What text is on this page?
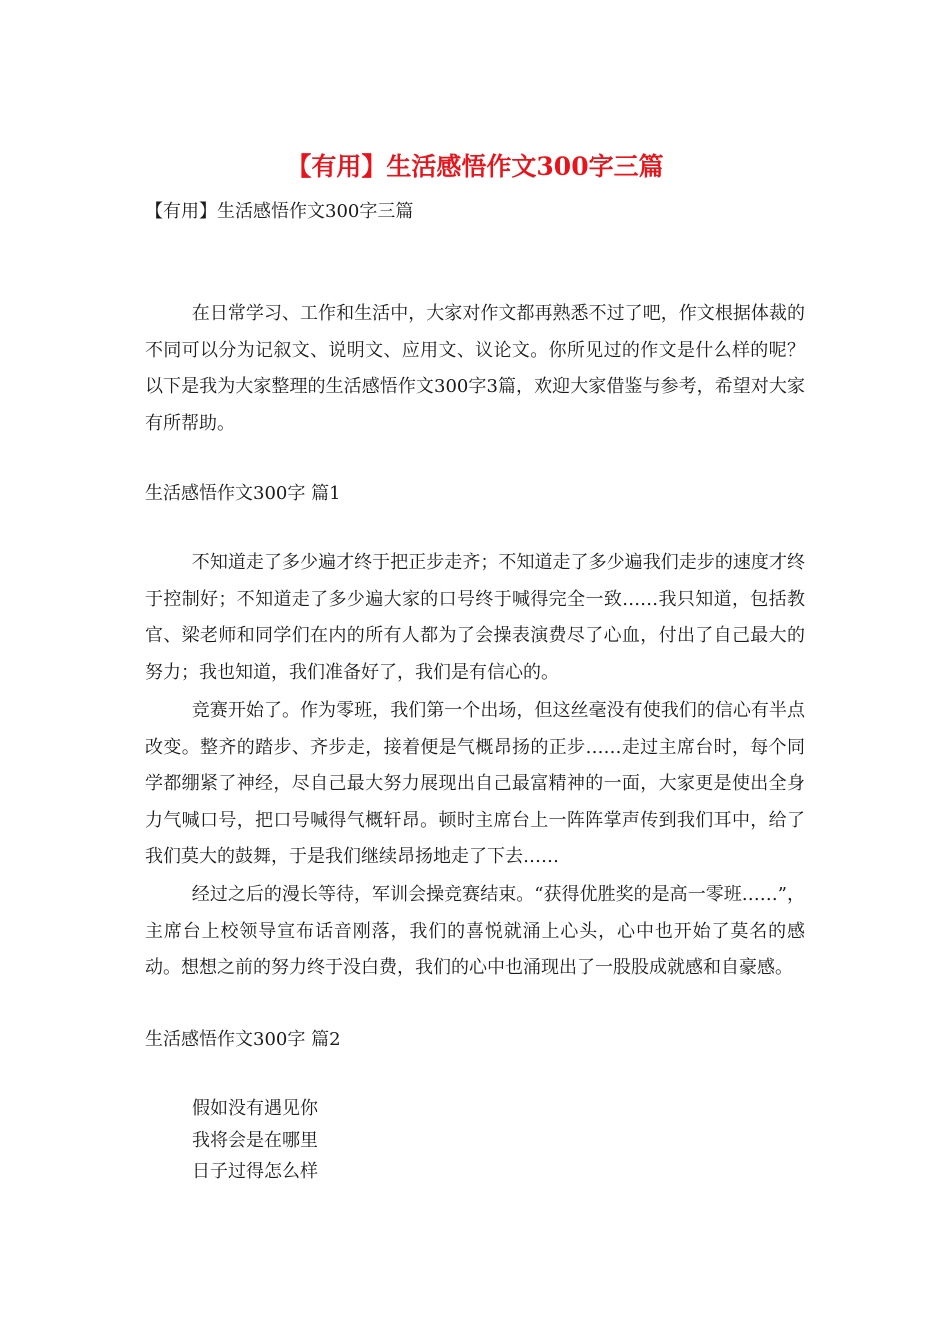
【有用】生活感悟作文300字三篇

【有用】生活感悟作文300字三篇

在日常学习、工作和生活中，大家对作文都再熟悉不过了吧，作文根据体裁的不同可以分为记叙文、说明文、应用文、议论文。你所见过的作文是什么样的呢？以下是我为大家整理的生活感悟作文300字3篇，欢迎大家借鉴与参考，希望对大家有所帮助。

生活感悟作文300字 篇1

不知道走了多少遍才终于把正步走齐；不知道走了多少遍我们走步的速度才终于控制好；不知道走了多少遍大家的口号终于喊得完全一致……我只知道，包括教官、梁老师和同学们在内的所有人都为了会操表演费尽了心血，付出了自己最大的努力；我也知道，我们准备好了，我们是有信心的。

竞赛开始了。作为零班，我们第一个出场，但这丝毫没有使我们的信心有半点改变。整齐的踏步、齐步走，接着便是气概昂扬的正步……走过主席台时，每个同学都绷紧了神经，尽自己最大努力展现出自己最富精神的一面，大家更是使出全身力气喊口号，把口号喊得气概轩昂。顿时主席台上一阵阵掌声传到我们耳中，给了我们莫大的鼓舞，于是我们继续昂扬地走了下去……

经过之后的漫长等待，军训会操竞赛结束。“获得优胜奖的是高一零班……”，主席台上校领导宣布话音刚落，我们的喜悦就涌上心头，心中也开始了莫名的感动。想想之前的努力终于没白费，我们的心中也涌现出了一股股成就感和自豪感。

生活感悟作文300字 篇2

假如没有遇见你
我将会是在哪里
日子过得怎么样
